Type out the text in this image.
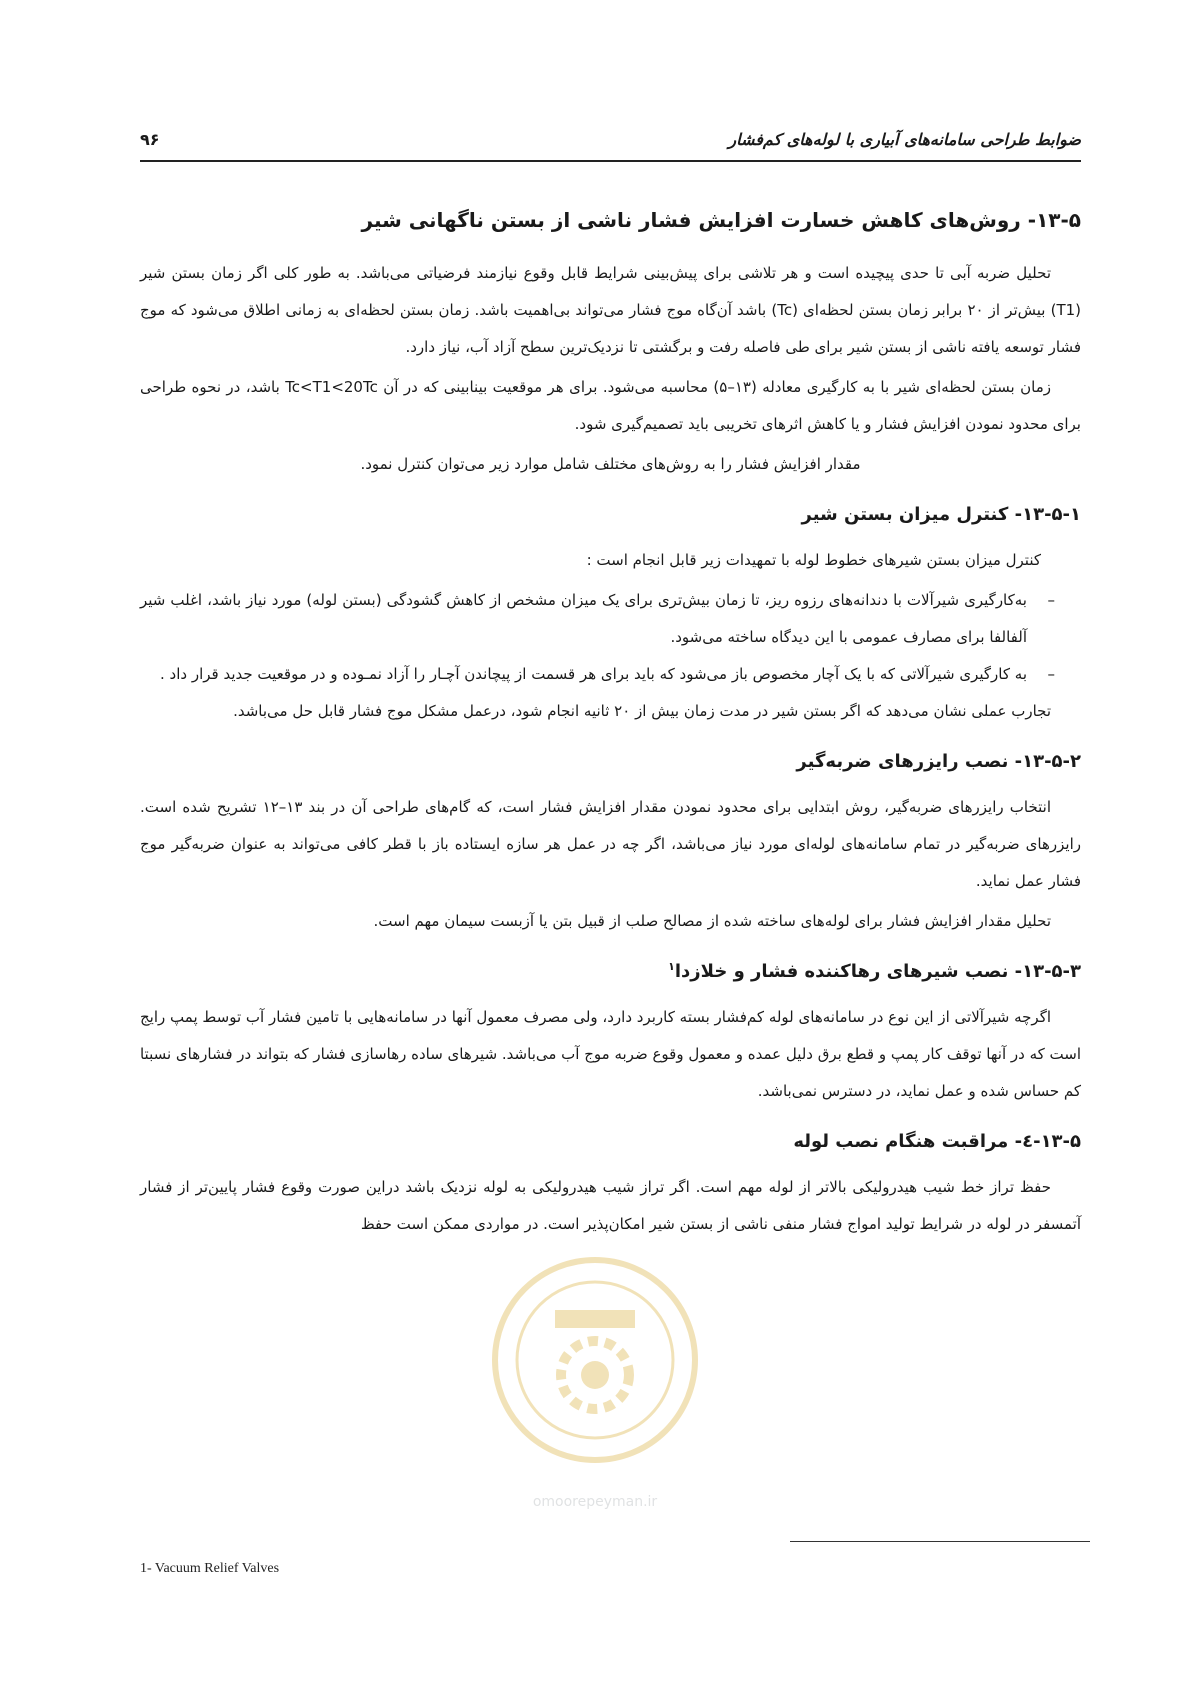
ضوابط طراحی سامانه‌های آبیاری با لوله‌های کم‌فشار
۹۶
۱۳-۵- روش‌های کاهش خسارت افزایش فشار ناشی از بستن ناگهانی شیر

تحلیل ضربه آبی تا حدی پیچیده است و هر تلاشی برای پیش‌بینی شرایط قابل وقوع نیازمند فرضیاتی می‌باشد. به طور کلی اگر زمان بستن شیر (T1) بیش‌تر از ۲۰ برابر زمان بستن لحظه‌ای (Tc) باشد آن‌گاه موج فشار می‌تواند بی‌اهمیت باشد. زمان بستن لحظه‌ای به زمانی اطلاق می‌شود که موج فشار توسعه یافته ناشی از بستن شیر برای طی فاصله رفت و برگشتی تا نزدیک‌ترین سطح آزاد آب، نیاز دارد.

زمان بستن لحظه‌ای شیر با به کارگیری معادله (۱۳–۵) محاسبه می‌شود. برای هر موقعیت بینابینی که در آن Tc<T1<20Tc باشد، در نحوه طراحی برای محدود نمودن افزایش فشار و یا کاهش اثرهای تخریبی باید تصمیم‌گیری شود.

مقدار افزایش فشار را به روش‌های مختلف شامل موارد زیر می‌توان کنترل نمود.

۱۳-۵-۱- کنترل میزان بستن شیر

کنترل میزان بستن شیرهای خطوط لوله با تمهیدات زیر قابل انجام است :

–
به‌کارگیری شیرآلات با دندانه‌های رزوه ریز، تا زمان بیش‌تری برای یک میزان مشخص از کاهش گشودگی (بستن لوله) مورد نیاز باشد، اغلب شیر آلفالفا برای مصارف عمومی با این دیدگاه ساخته می‌شود.
–
به کارگیری شیرآلاتی که با یک آچار مخصوص باز می‌شود که باید برای هر قسمت از پیچاندن آچـار را آزاد نمـوده و در موقعیت جدید قرار داد .

تجارب عملی نشان می‌دهد که اگر بستن شیر در مدت زمان بیش از ۲۰ ثانیه انجام شود، درعمل مشکل موج فشار قابل حل می‌باشد.

۱۳-۵-۲- نصب رایزرهای ضربه‌گیر

انتخاب رایزرهای ضربه‌گیر، روش ابتدایی برای محدود نمودن مقدار افزایش فشار است، که گام‌های طراحی آن در بند ۱۳–۱۲ تشریح شده است. رایزرهای ضربه‌گیر در تمام سامانه‌های لوله‌ای مورد نیاز می‌باشد، اگر چه در عمل هر سازه ایستاده باز با قطر کافی می‌تواند به عنوان ضربه‌گیر موج فشار عمل نماید.

تحلیل مقدار افزایش فشار برای لوله‌های ساخته شده از مصالح صلب از قبیل بتن یا آزبست سیمان مهم است.

۱۳-۵-۳- نصب شیرهای رهاکننده فشار و خلازدا$^۱$

اگرچه شیرآلاتی از این نوع در سامانه‌های لوله کم‌فشار بسته کاربرد دارد، ولی مصرف معمول آنها در سامانه‌هایی با تامین فشار آب توسط پمپ رایج است که در آنها توقف کار پمپ و قطع برق دلیل عمده و معمول وقوع ضربه موج آب می‌باشد. شیرهای ساده رهاسازی فشار که بتواند در فشارهای نسبتا کم حساس شده و عمل نماید، در دسترس نمی‌باشد.

۱۳-۵-٤- مراقبت هنگام نصب لوله

حفظ تراز خط شیب هیدرولیکی بالاتر از لوله مهم است. اگر تراز شیب هیدرولیکی به لوله نزدیک باشد دراین صورت وقوع فشار پایین‌تر از فشار آتمسفر در لوله در شرایط تولید امواج فشار منفی ناشی از بستن شیر امکان‌پذیر است. در مواردی ممکن است حفظ

omoorepeyman.ir
1- Vacuum Relief Valves
